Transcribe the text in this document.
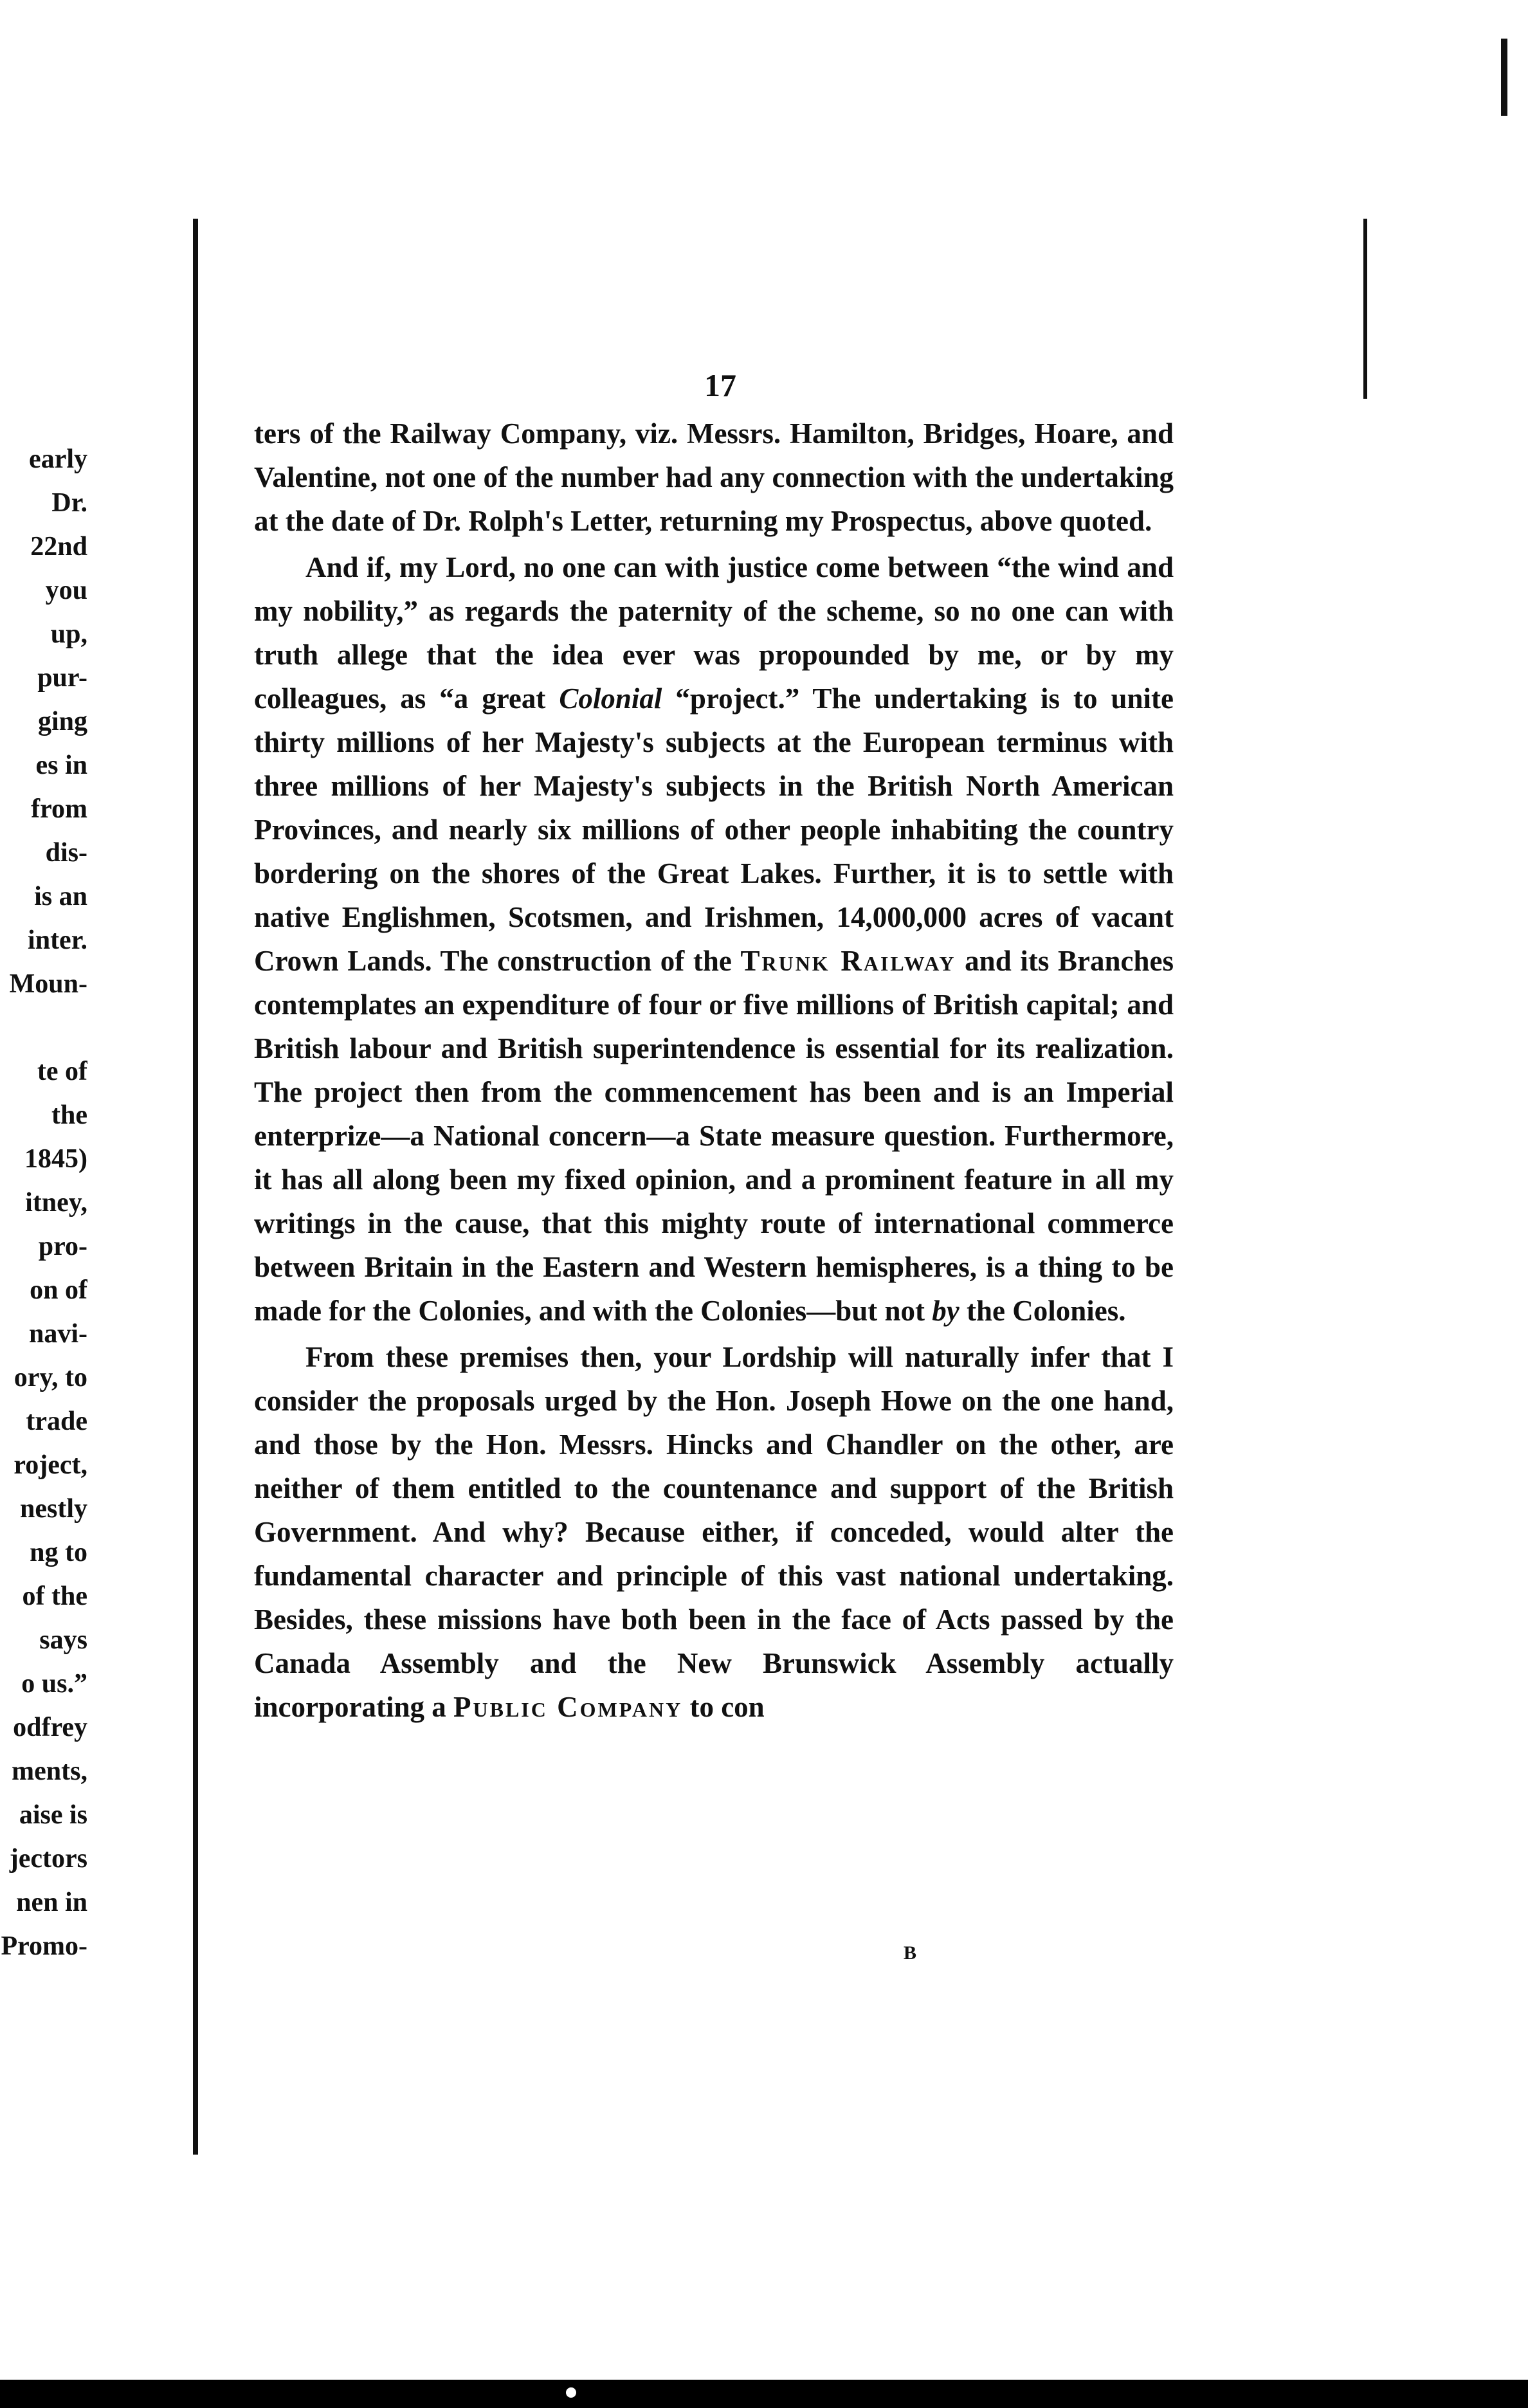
early
Dr.
22nd
you
up,
pur-
ging
es in
from
dis-
is an
inter.
Moun-
te of
the
1845)
itney,
pro-
on of
navi-
ory, to
trade
roject,
nestly
ng to
of the
says
o us.”
odfrey
ments,
aise is
jectors
nen in
Promo-
17

ters of the Railway Company, viz. Messrs. Hamilton, Bridges, Hoare, and Valentine, not one of the number had any connection with the undertaking at the date of Dr. Rolph's Letter, returning my Prospectus, above quoted.

And if, my Lord, no one can with justice come between “the wind and my nobility,” as regards the paternity of the scheme, so no one can with truth allege that the idea ever was propounded by me, or by my colleagues, as “a great Colonial “project.” The undertaking is to unite thirty millions of her Majesty's subjects at the European terminus with three millions of her Majesty's subjects in the British North American Provinces, and nearly six millions of other people inhabiting the country bordering on the shores of the Great Lakes. Further, it is to settle with native Englishmen, Scotsmen, and Irishmen, 14,000,000 acres of vacant Crown Lands. The construction of the Trunk Railway and its Branches contemplates an expenditure of four or five millions of British capital; and British labour and British superintendence is essential for its realization. The project then from the commencement has been and is an Imperial enterprize—a National concern—a State measure question. Furthermore, it has all along been my fixed opinion, and a prominent feature in all my writings in the cause, that this mighty route of international commerce between Britain in the Eastern and Western hemispheres, is a thing to be made for the Colonies, and with the Colonies—but not by the Colonies.

From these premises then, your Lordship will naturally infer that I consider the proposals urged by the Hon. Joseph Howe on the one hand, and those by the Hon. Messrs. Hincks and Chandler on the other, are neither of them entitled to the countenance and support of the British Government. And why? Because either, if conceded, would alter the fundamental character and principle of this vast national undertaking. Besides, these missions have both been in the face of Acts passed by the Canada Assembly and the New Brunswick Assembly actually incorporating a Public Company to con

B
